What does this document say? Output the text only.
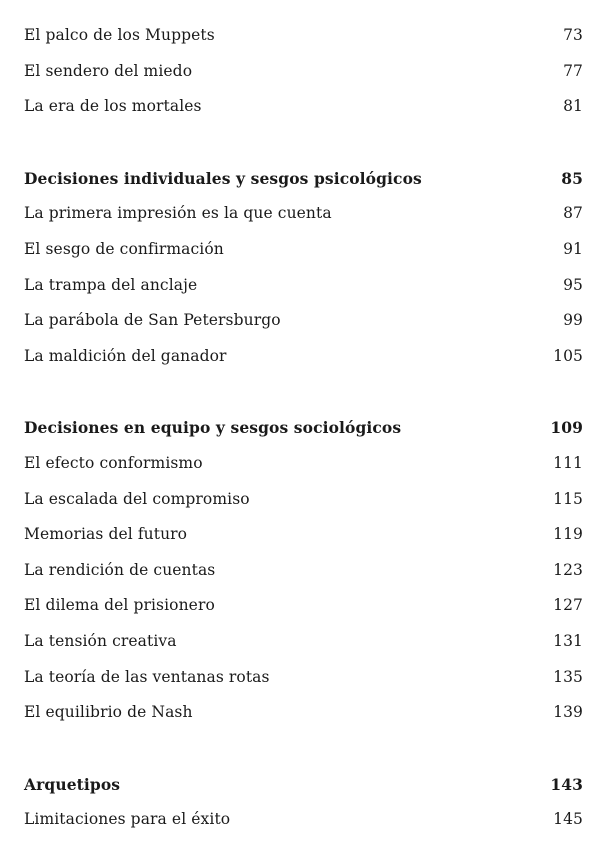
El palco de los Muppets	73
El sendero del miedo	77
La era de los mortales	81
Decisiones individuales y sesgos psicológicos	85
La primera impresión es la que cuenta	87
El sesgo de confirmación	91
La trampa del anclaje	95
La parábola de San Petersburgo	99
La maldición del ganador	105
Decisiones en equipo y sesgos sociológicos	109
El efecto conformismo	111
La escalada del compromiso	115
Memorias del futuro	119
La rendición de cuentas	123
El dilema del prisionero	127
La tensión creativa	131
La teoría de las ventanas rotas	135
El equilibrio de Nash	139
Arquetipos	143
Limitaciones para el éxito	145
